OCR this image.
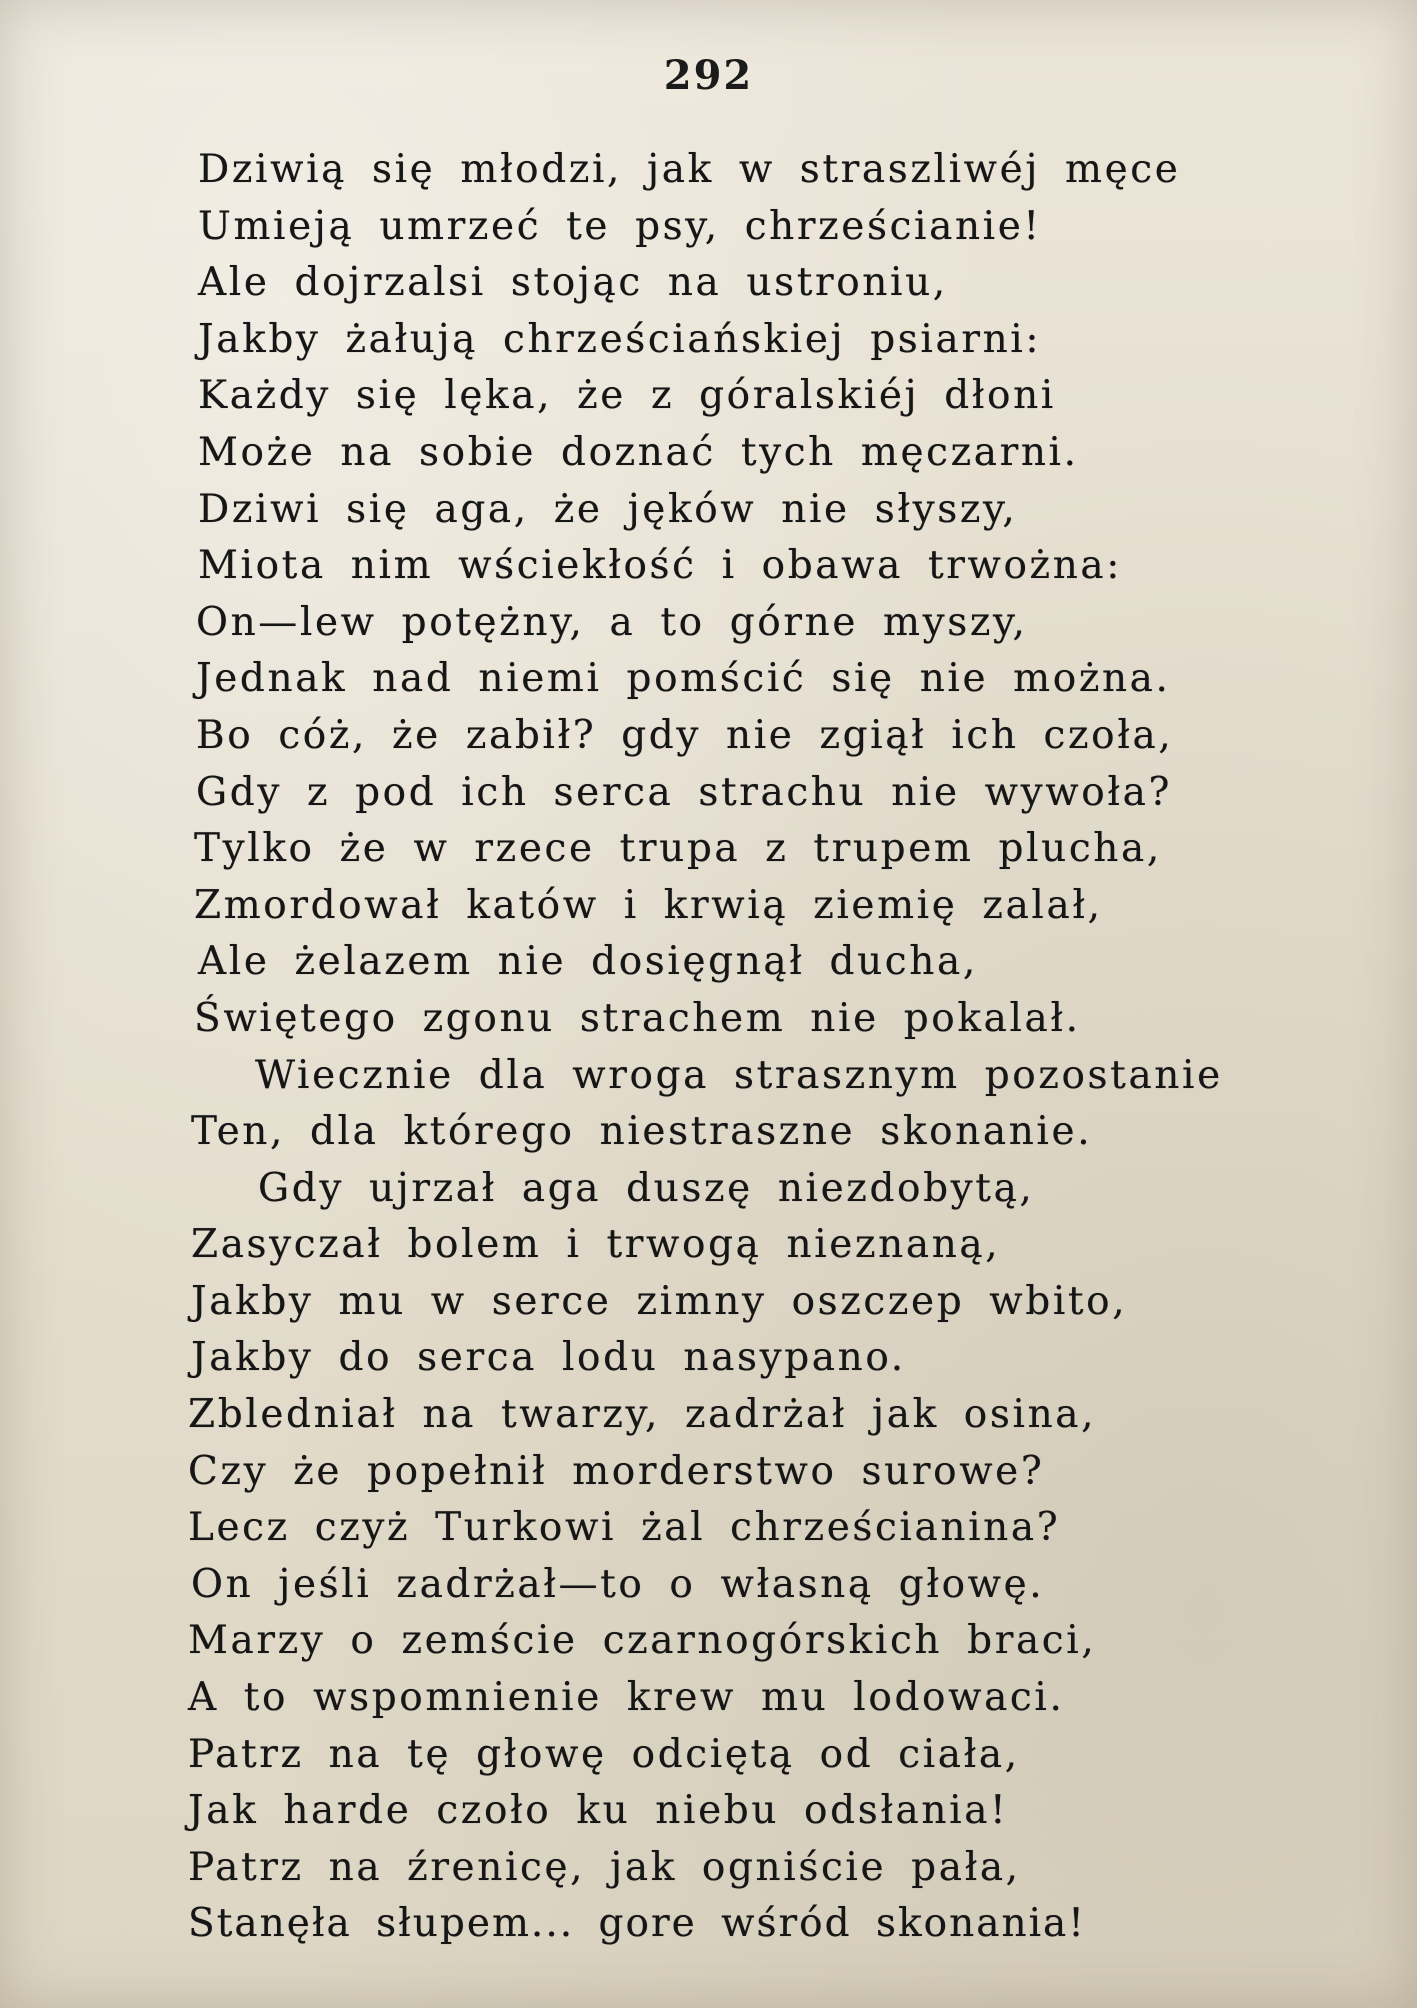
292
Dziwią się młodzi, jak w straszliwéj męce
Umieją umrzeć te psy, chrześcianie!
Ale dojrzalsi stojąc na ustroniu,
Jakby żałują chrześciańskiej psiarni:
Każdy się lęka, że z góralskiéj dłoni
Może na sobie doznać tych męczarni.
Dziwi się aga, że jęków nie słyszy,
Miota nim wściekłość i obawa trwożna:
On—lew potężny, a to górne myszy,
Jednak nad niemi pomścić się nie można.
Bo cóż, że zabił? gdy nie zgiął ich czoła,
Gdy z pod ich serca strachu nie wywoła?
Tylko że w rzece trupa z trupem plucha,
Zmordował katów i krwią ziemię zalał,
Ale żelazem nie dosięgnął ducha,
Świętego zgonu strachem nie pokalał.
Wiecznie dla wroga strasznym pozostanie
Ten, dla którego niestraszne skonanie.
Gdy ujrzał aga duszę niezdobytą,
Zasyczał bolem i trwogą nieznaną,
Jakby mu w serce zimny oszczep wbito,
Jakby do serca lodu nasypano.
Zbledniał na twarzy, zadrżał jak osina,
Czy że popełnił morderstwo surowe?
Lecz czyż Turkowi żal chrześcianina?
On jeśli zadrżał—to o własną głowę.
Marzy o zemście czarnogórskich braci,
A to wspomnienie krew mu lodowaci.
Patrz na tę głowę odciętą od ciała,
Jak harde czoło ku niebu odsłania!
Patrz na źrenicę, jak ogniście pała,
Stanęła słupem... gore wśród skonania!
